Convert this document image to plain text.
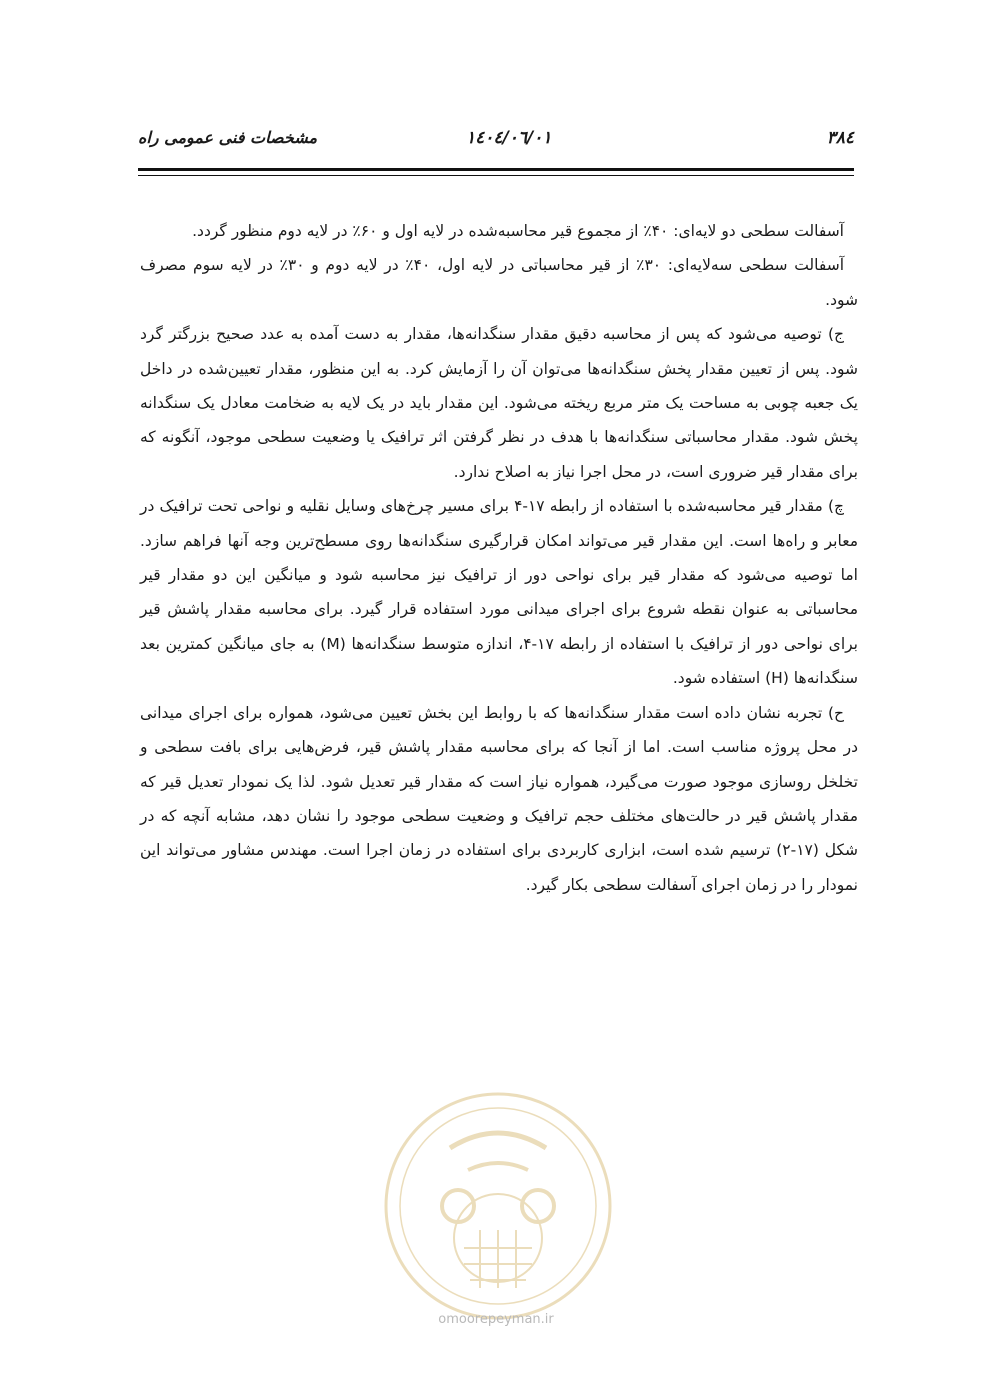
۳۸٤
۱٤۰٤/۰٦/۰۱
مشخصات فنی عمومی راه

آسفالت سطحی دو لایه‌ای: ۴۰٪ از مجموع قیر محاسبه‌شده در لایه اول و ۶۰٪ در لایه دوم منظور گردد.

آسفالت سطحی سه‌لایه‌ای: ۳۰٪ از قیر محاسباتی در لایه اول، ۴۰٪ در لایه دوم و ۳۰٪ در لایه سوم مصرف شود.

ج) توصیه می‌شود که پس از محاسبه دقیق مقدار سنگدانه‌ها، مقدار به دست آمده به عدد صحیح بزرگتر گرد شود. پس از تعیین مقدار پخش سنگدانه‌ها می‌توان آن را آزمایش کرد. به این منظور، مقدار تعیین‌شده در داخل یک جعبه چوبی به مساحت یک متر مربع ریخته می‌شود. این مقدار باید در یک لایه به ضخامت معادل یک سنگدانه پخش شود. مقدار محاسباتی سنگدانه‌ها با هدف در نظر گرفتن اثر ترافیک یا وضعیت سطحی موجود، آنگونه که برای مقدار قیر ضروری است، در محل اجرا نیاز به اصلاح ندارد.

چ) مقدار قیر محاسبه‌شده با استفاده از رابطه ۱۷-۴ برای مسیر چرخ‌های وسایل نقلیه و نواحی تحت ترافیک در معابر و راه‌ها است. این مقدار قیر می‌تواند امکان قرارگیری سنگدانه‌ها روی مسطح‌ترین وجه آنها فراهم سازد. اما توصیه می‌شود که مقدار قیر برای نواحی دور از ترافیک نیز محاسبه شود و میانگین این دو مقدار قیر محاسباتی به عنوان نقطه شروع برای اجرای میدانی مورد استفاده قرار گیرد. برای محاسبه مقدار پاشش قیر برای نواحی دور از ترافیک با استفاده از رابطه ۱۷-۴، اندازه متوسط سنگدانه‌ها (M) به جای میانگین کمترین بعد سنگدانه‌ها (H) استفاده شود.

ح) تجربه نشان داده است مقدار سنگدانه‌ها که با روابط این بخش تعیین می‌شود، همواره برای اجرای میدانی در محل پروژه مناسب است. اما از آنجا که برای محاسبه مقدار پاشش قیر، فرض‌هایی برای بافت سطحی و تخلخل روسازی موجود صورت می‌گیرد، همواره نیاز است که مقدار قیر تعدیل شود. لذا یک نمودار تعدیل قیر که مقدار پاشش قیر در حالت‌های مختلف حجم ترافیک و وضعیت سطحی موجود را نشان دهد، مشابه آنچه که در شکل (۱۷-۲) ترسیم شده است، ابزاری کاربردی برای استفاده در زمان اجرا است. مهندس مشاور می‌تواند این نمودار را در زمان اجرای آسفالت سطحی بکار گیرد.

omoorepeyman.ir
